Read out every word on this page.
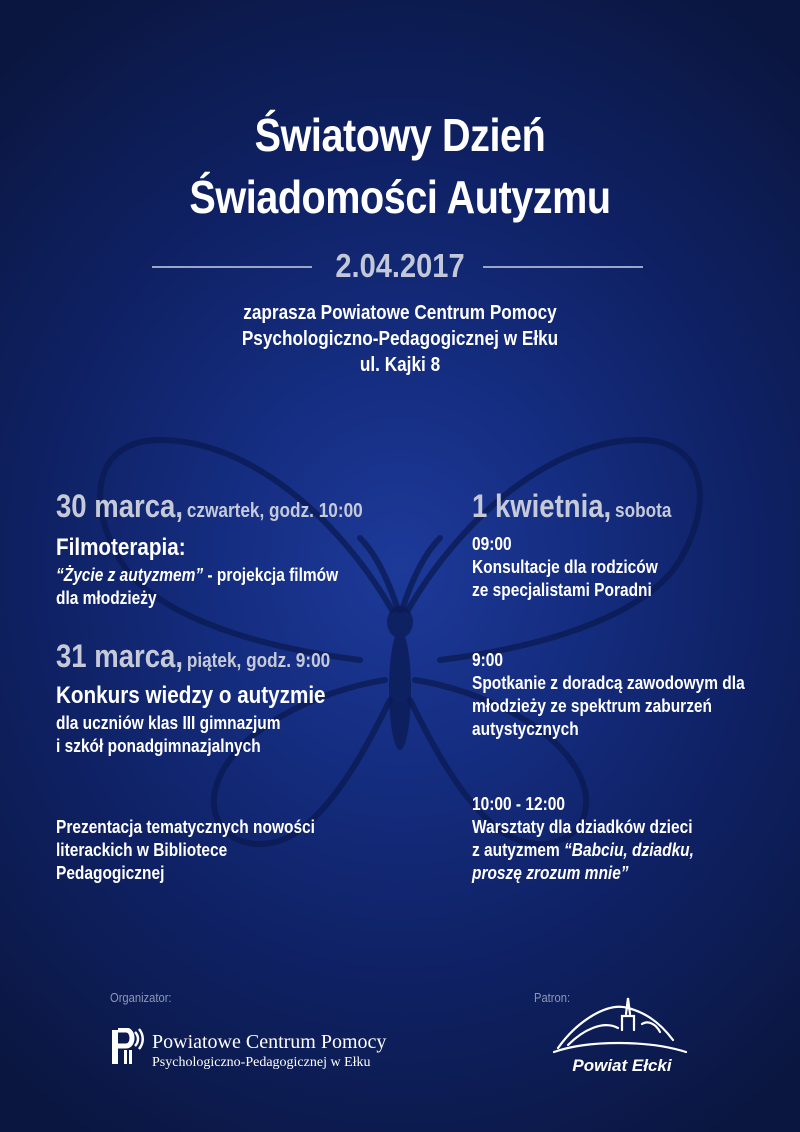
Światowy Dzień
Świadomości Autyzmu
2.04.2017
zaprasza Powiatowe Centrum Pomocy
Psychologiczno-Pedagogicznej w Ełku
ul. Kajki 8
30 marca, czwartek, godz. 10:00
Filmoterapia:
“Życie z autyzmem” - projekcja filmów
dla młodzieży
31 marca, piątek, godz. 9:00
Konkurs wiedzy o autyzmie
dla uczniów klas III gimnazjum
i szkół ponadgimnazjalnych
Prezentacja tematycznych nowości
literackich w Bibliotece
Pedagogicznej
1 kwietnia, sobota
09:00
Konsultacje dla rodziców
ze specjalistami Poradni
9:00
Spotkanie z doradcą zawodowym dla
młodzieży ze spektrum zaburzeń
autystycznych
10:00 - 12:00
Warsztaty dla dziadków dzieci
z autyzmem “Babciu, dziadku,
proszę zrozum mnie”
Organizator:
Powiatowe Centrum Pomocy
Psychologiczno-Pedagogicznej w Ełku
Patron:
Powiat Ełcki
